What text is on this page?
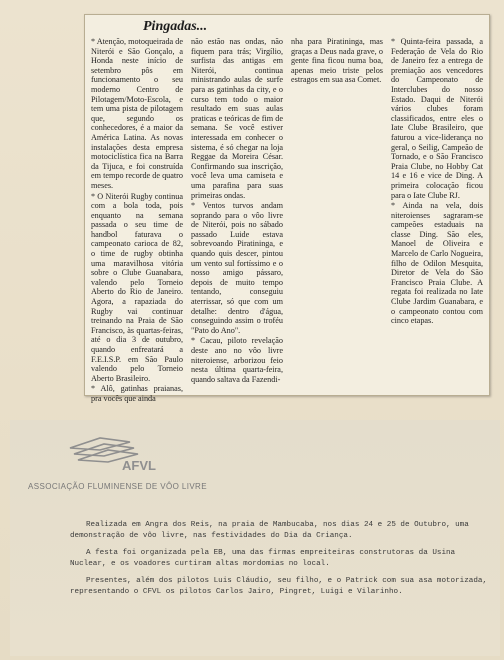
Pingadas...

* Atenção, motoqueirada de Niterói e São Gonçalo, a Honda neste início de setembro pôs em funcionamento o seu moderno Centro de Pilotagem/Moto-Escola, e tem uma pista de pilotagem que, segundo os conhecedores, é a maior da América Latina. As novas instalações desta empresa motociclística fica na Barra da Tijuca, e foi construída em tempo recorde de quatro meses.

* O Niterói Rugby continua com a bola toda, pois enquanto na semana passada o seu time de handbol faturava o campeonato carioca de 82, o time de rugby obtinha uma maravilhosa vitória sobre o Clube Guanabara, valendo pelo Torneio Aberto do Rio de Janeiro. Agora, a rapaziada do Rugby vai continuar treinando na Praia de São Francisco, às quartas-feiras, até o dia 3 de outubro, quando enfreatará a F.E.I.S.P. em São Paulo valendo pelo Torneio Aberto Brasileiro.

* Alô, gatinhas praianas, pra vocês que ainda

não estão nas ondas, não fiquem para trás; Virgílio, surfista das antigas em Niterói, continua ministrando aulas de surfe para as gatinhas da city, e o curso tem todo o maior resultado em suas aulas praticas e teóricas de fim de semana. Se você estiver interessada em conhecer o sistema, é só chegar na loja Reggae da Moreira César. Confirmando sua inscrição, você leva uma camiseta e uma parafina para suas primeiras ondas.

* Ventos turvos andam soprando para o vôo livre de Niterói, pois no sábado passado Luide estava sobrevoando Piratininga, e quando quis descer, pintou um vento sul fortíssimo e o nosso amigo pássaro, depois de muito tempo tentando, conseguiu aterrissar, só que com um detalhe: dentro d'água, conseguindo assim o troféu "Pato do Ano".

* Cacau, piloto revelação deste ano no vôo livre niteroiense, arborizou feio nesta última quarta-feira, quando saltava da Fazendi-

nha para Piratininga, mas graças a Deus nada grave, o gente fina ficou numa boa, apenas meio triste pelos estragos em sua asa Comet.

* Quinta-feira passada, a Federação de Vela do Rio de Janeiro fez a entrega de premiação aos vencedores do Campeonato de Interclubes do nosso Estado. Daqui de Niterói vários clubes foram classificados, entre eles o Iate Clube Brasileiro, que faturou a vice-liderança no geral, o Seilig, Campeão de Tornado, e o São Francisco Praia Clube, no Hobby Cat 14 e 16 e vice de Ding. A primeira colocação ficou para o Iate Clube RJ.

* Ainda na vela, dois niteroienses sagraram-se campeões estaduais na classe Ding. São eles, Manoel de Oliveira e Marcelo de Carlo Nogueira, filho de Odilon Mesquita, Diretor de Vela do São Francisco Praia Clube. A regata foi realizada no Iate Clube Jardim Guanabara, e o campeonato contou com cinco etapas.

AFVL
ASSOCIAÇÃO FLUMINENSE DE VÔO LIVRE

Realizada em Angra dos Reis, na praia de Mambucaba, nos dias 24 e 25 de Outubro, uma demonstração de vôo livre, nas festividades do Dia da Criança.

A festa foi organizada pela EB, uma das firmas empreiteiras construtoras da Usina Nuclear, e os voadores curtiram altas mordomias no local.

Presentes, além dos pilotos Luis Cláudio, seu filho, e o Patrick com sua asa motorizada, representando o CFVL os pilotos Carlos Jairo, Pingret, Luigi e Vilarinho.
